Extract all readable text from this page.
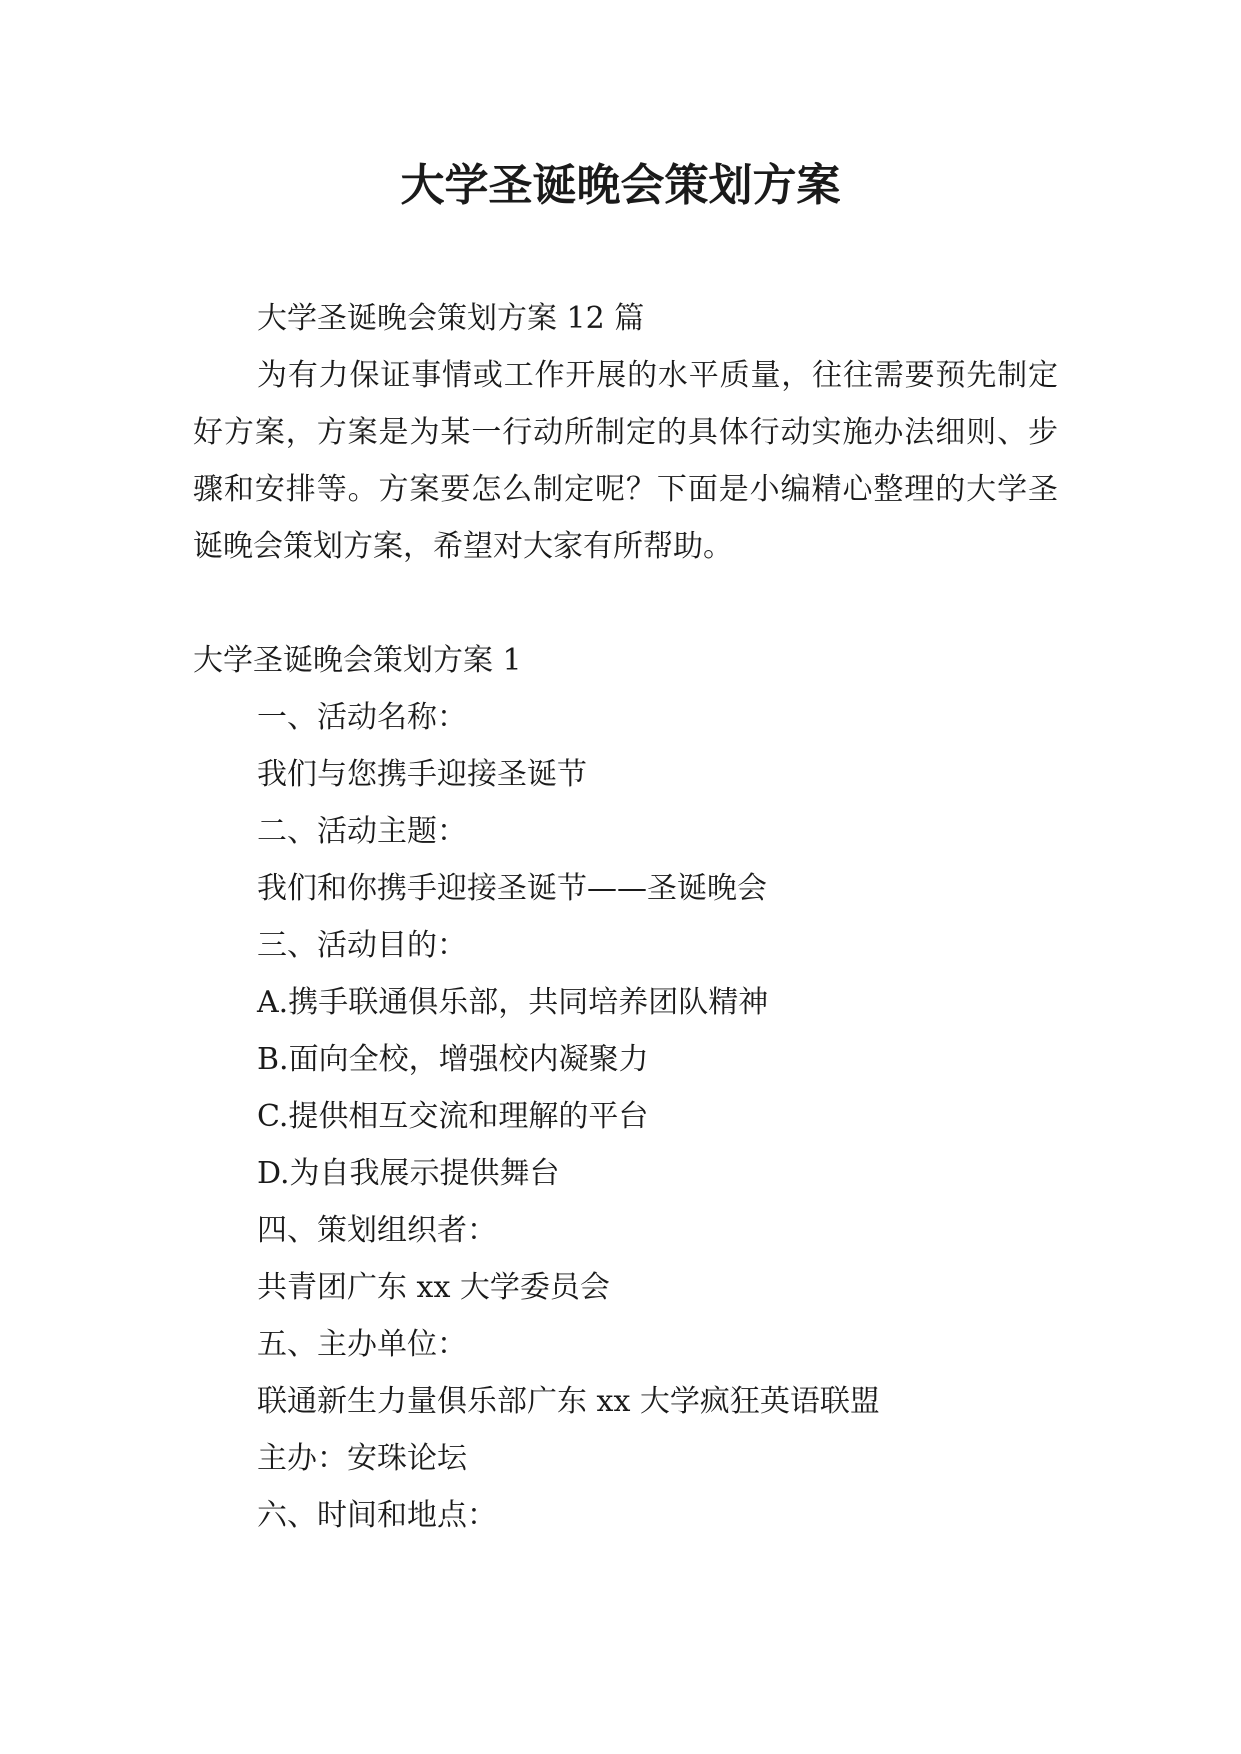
大学圣诞晚会策划方案

大学圣诞晚会策划方案 12 篇

为有力保证事情或工作开展的水平质量，往往需要预先制定好方案，方案是为某一行动所制定的具体行动实施办法细则、步骤和安排等。方案要怎么制定呢？下面是小编精心整理的大学圣诞晚会策划方案，希望对大家有所帮助。

大学圣诞晚会策划方案 1

一、活动名称：

我们与您携手迎接圣诞节

二、活动主题：

我们和你携手迎接圣诞节——圣诞晚会

三、活动目的：

A.携手联通俱乐部，共同培养团队精神

B.面向全校，增强校内凝聚力

C.提供相互交流和理解的平台

D.为自我展示提供舞台

四、策划组织者：

共青团广东 xx 大学委员会

五、主办单位：

联通新生力量俱乐部广东 xx 大学疯狂英语联盟

主办：安珠论坛

六、时间和地点：
